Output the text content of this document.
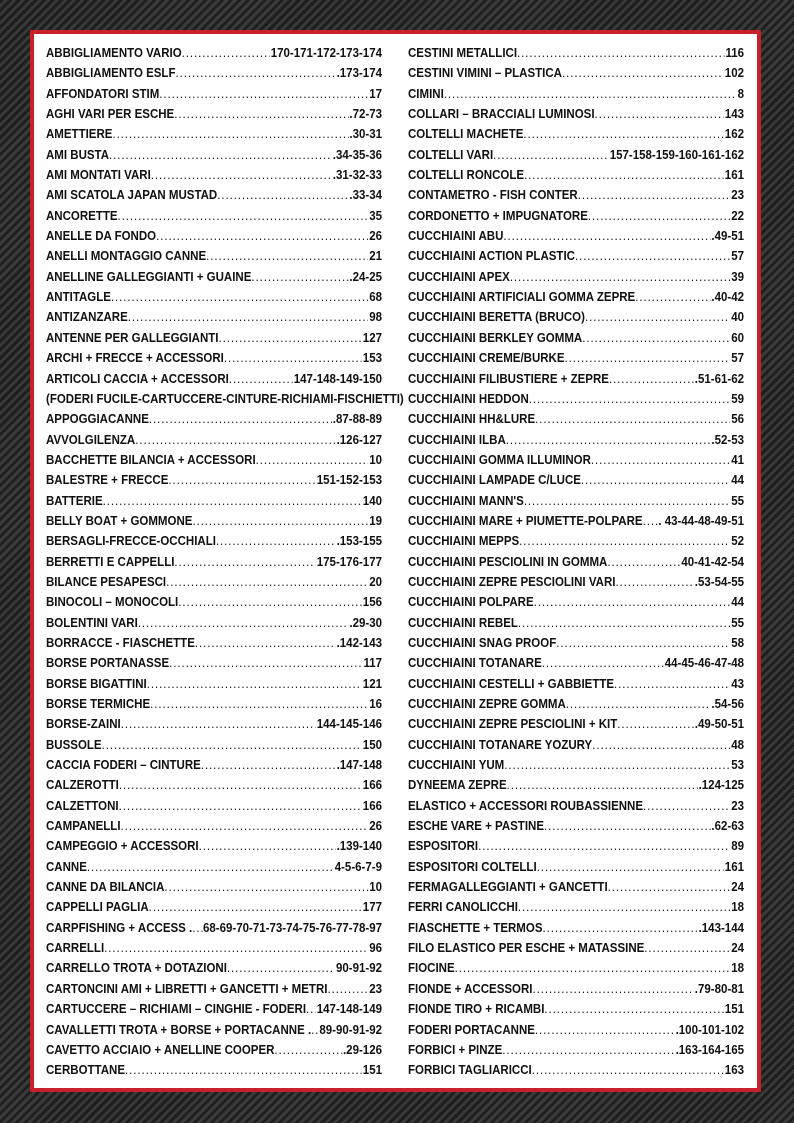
ABBIGLIAMENTO VARIO .....	170-171-172-173-174
ABBIGLIAMENTO ESLF .....	.173-174
AFFONDATORI STIM .....	17
AGHI VARI PER ESCHE .....	.72-73
AMETTIERE .....	.30-31
AMI BUSTA .....	.34-35-36
AMI MONTATI VARI .....	.31-32-33
AMI SCATOLA JAPAN MUSTAD .....	.33-34
ANCORETTE .....	35
ANELLE DA FONDO .....	26
ANELLI MONTAGGIO CANNE .....	21
ANELLINE GALLEGGIANTI + GUAINE .....	.24-25
ANTITAGLE .....	68
ANTIZANZARE .....	98
ANTENNE PER GALLEGGIANTI .....	127
ARCHI + FRECCE + ACCESSORI .....	153
ARTICOLI CACCIA + ACCESSORI .....	147-148-149-150
(FODERI FUCILE-CARTUCCERE-CINTURE-RICHIAMI-FISCHIETTI)
APPOGGIACANNE .....	.87-88-89
AVVOLGILENZA .....	.126-127
BACCHETTE BILANCIA + ACCESSORI .....	10
BALESTRE + FRECCE .....	151-152-153
BATTERIE .....	140
BELLY BOAT + GOMMONE .....	19
BERSAGLI-FRECCE-OCCHIALI .....	.153-155
BERRETTI E CAPPELLI .....	175-176-177
BILANCE PESAPESCI .....	20
BINOCOLI – MONOCOLI .....	156
BOLENTINI VARI .....	.29-30
BORRACCE - FIASCHETTE .....	.142-143
BORSE PORTANASSE .....	117
BORSE BIGATTINI .....	121
BORSE TERMICHE .....	16
BORSE-ZAINI .....	144-145-146
BUSSOLE .....	150
CACCIA FODERI – CINTURE .....	.147-148
CALZEROTTI .....	166
CALZETTONI .....	166
CAMPANELLI .....	26
CAMPEGGIO + ACCESSORI .....	.139-140
CANNE .....	4-5-6-7-9
CANNE DA BILANCIA .....	10
CAPPELLI PAGLIA .....	177
CARPFISHING + ACCESS . ..... 68-69-70-71-73-74-75-76-77-78-97
CARRELLI .....	96
CARRELLO TROTA + DOTAZIONI .....	90-91-92
CARTONCINI AMI + LIBRETTI + GANCETTI + METRI .....	23
CARTUCCERE – RICHIAMI – CINGHIE - FODERI ..... 147-148-149
CAVALLETTI TROTA + BORSE + PORTACANNE . ..... 89-90-91-92
CAVETTO ACCIAIO + ANELLINE COOPER .....	.29-126
CERBOTTANE .....	151
CESTINI METALLICI .....	116
CESTINI VIMINI – PLASTICA .....	102
CIMINI .....	8
COLLARI – BRACCIALI LUMINOSI .....	143
COLTELLI MACHETE .....	162
COLTELLI VARI .....	157-158-159-160-161-162
COLTELLI RONCOLE .....	161
CONTAMETRO - FISH CONTER .....	23
CORDONETTO + IMPUGNATORE .....	22
CUCCHIAINI ABU .....	.49-51
CUCCHIAINI ACTION PLASTIC .....	57
CUCCHIAINI APEX .....	39
CUCCHIAINI ARTIFICIALI GOMMA ZEPRE .....	.40-42
CUCCHIAINI BERETTA (BRUCO) .....	40
CUCCHIAINI BERKLEY GOMMA .....	60
CUCCHIAINI CREME/BURKE .....	57
CUCCHIAINI FILIBUSTIERE + ZEPRE .....	.51-61-62
CUCCHIAINI HEDDON .....	59
CUCCHIAINI HH&LURE .....	56
CUCCHIAINI ILBA .....	.52-53
CUCCHIAINI GOMMA ILLUMINOR .....	41
CUCCHIAINI LAMPADE C/LUCE .....	44
CUCCHIAINI MANN'S .....	55
CUCCHIAINI MARE + PIUMETTE-POLPARE ..... . 43-44-48-49-51
CUCCHIAINI MEPPS .....	52
CUCCHIAINI PESCIOLINI IN GOMMA .....	40-41-42-54
CUCCHIAINI ZEPRE PESCIOLINI VARI .....	.53-54-55
CUCCHIAINI POLPARE .....	44
CUCCHIAINI REBEL .....	55
CUCCHIAINI SNAG PROOF .....	58
CUCCHIAINI TOTANARE .....	44-45-46-47-48
CUCCHIAINI CESTELLI + GABBIETTE .....	43
CUCCHIAINI ZEPRE GOMMA .....	.54-56
CUCCHIAINI ZEPRE PESCIOLINI + KIT .....	.49-50-51
CUCCHIAINI TOTANARE YOZURY .....	48
CUCCHIAINI YUM .....	53
DYNEEMA ZEPRE .....	.124-125
ELASTICO + ACCESSORI ROUBASSIENNE .....	23
ESCHE VARE + PASTINE .....	.62-63
ESPOSITORI .....	89
ESPOSITORI COLTELLI .....	161
FERMAGALLEGGIANTI + GANCETTI .....	24
FERRI CANOLICCHI .....	18
FIASCHETTE + TERMOS .....	.143-144
FILO ELASTICO PER ESCHE + MATASSINE .....	24
FIOCINE .....	18
FIONDE + ACCESSORI .....	.79-80-81
FIONDE TIRO + RICAMBI .....	151
FODERI PORTACANNE .....	.100-101-102
FORBICI + PINZE .....	.163-164-165
FORBICI TAGLIARICCI .....	163
